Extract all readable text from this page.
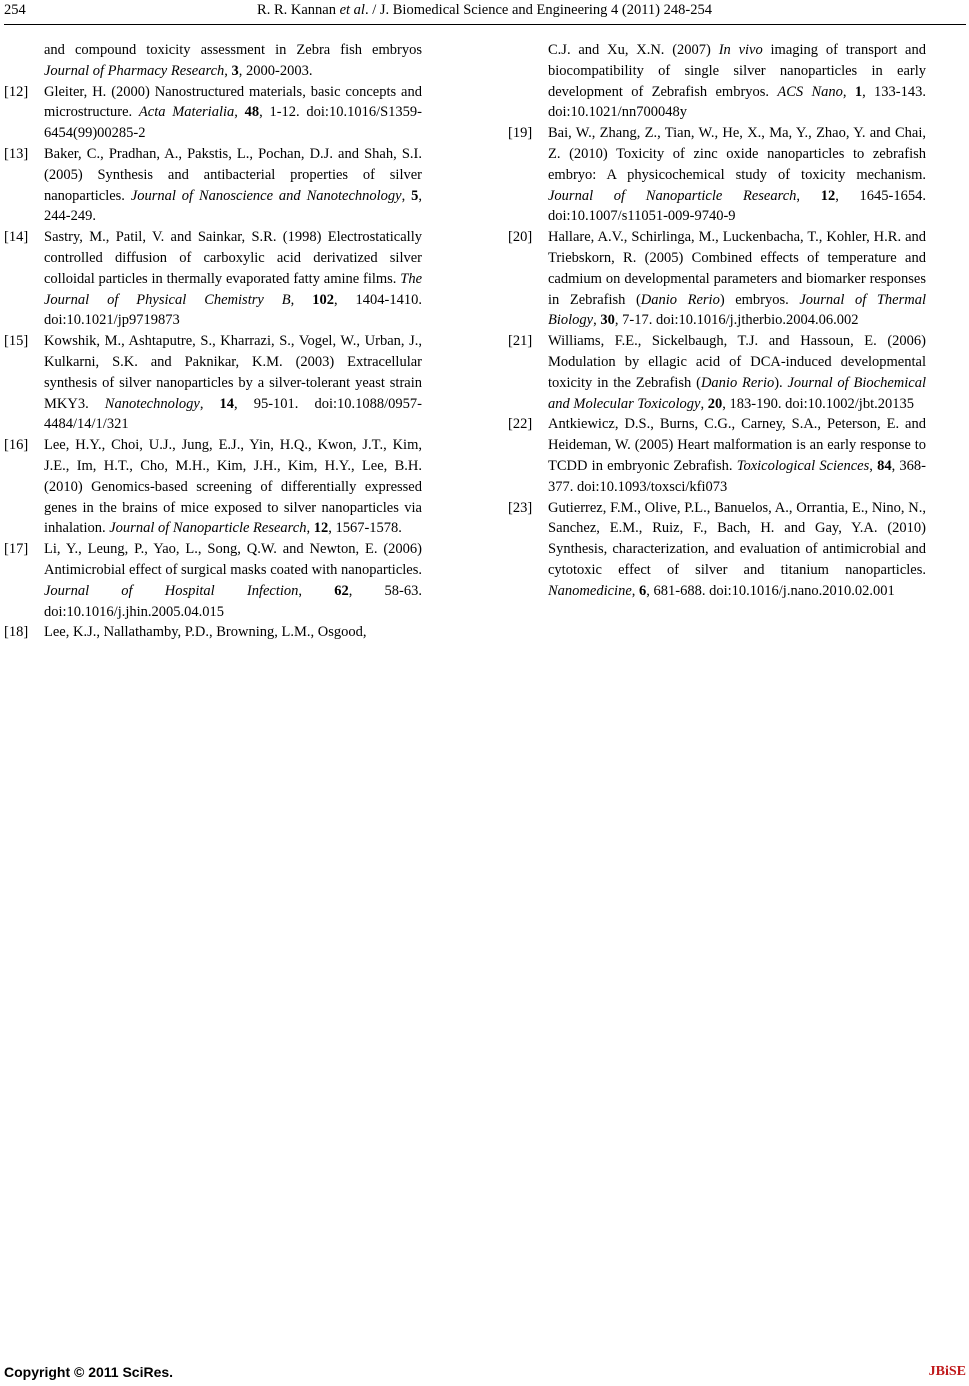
254	R. R. Kannan et al. / J. Biomedical Science and Engineering 4 (2011) 248-254
and compound toxicity assessment in Zebra fish embryos Journal of Pharmacy Research, 3, 2000-2003.
[12]	Gleiter, H. (2000) Nanostructured materials, basic concepts and microstructure. Acta Materialia, 48, 1-12. doi:10.1016/S1359-6454(99)00285-2
[13]	Baker, C., Pradhan, A., Pakstis, L., Pochan, D.J. and Shah, S.I. (2005) Synthesis and antibacterial properties of silver nanoparticles. Journal of Nanoscience and Nanotechnology, 5, 244-249.
[14]	Sastry, M., Patil, V. and Sainkar, S.R. (1998) Electrostatically controlled diffusion of carboxylic acid derivatized silver colloidal particles in thermally evaporated fatty amine films. The Journal of Physical Chemistry B, 102, 1404-1410. doi:10.1021/jp9719873
[15]	Kowshik, M., Ashtaputre, S., Kharrazi, S., Vogel, W., Urban, J., Kulkarni, S.K. and Paknikar, K.M. (2003) Extracellular synthesis of silver nanoparticles by a silver-tolerant yeast strain MKY3. Nanotechnology, 14, 95-101. doi:10.1088/0957-4484/14/1/321
[16]	Lee, H.Y., Choi, U.J., Jung, E.J., Yin, H.Q., Kwon, J.T., Kim, J.E., Im, H.T., Cho, M.H., Kim, J.H., Kim, H.Y., Lee, B.H. (2010) Genomics-based screening of differentially expressed genes in the brains of mice exposed to silver nanoparticles via inhalation. Journal of Nanoparticle Research, 12, 1567-1578.
[17]	Li, Y., Leung, P., Yao, L., Song, Q.W. and Newton, E. (2006) Antimicrobial effect of surgical masks coated with nanoparticles. Journal of Hospital Infection, 62, 58-63. doi:10.1016/j.jhin.2005.04.015
[18]	Lee, K.J., Nallathamby, P.D., Browning, L.M., Osgood,
C.J. and Xu, X.N. (2007) In vivo imaging of transport and biocompatibility of single silver nanoparticles in early development of Zebrafish embryos. ACS Nano, 1, 133-143. doi:10.1021/nn700048y
[19]	Bai, W., Zhang, Z., Tian, W., He, X., Ma, Y., Zhao, Y. and Chai, Z. (2010) Toxicity of zinc oxide nanoparticles to zebrafish embryo: A physicochemical study of toxicity mechanism. Journal of Nanoparticle Research, 12, 1645-1654. doi:10.1007/s11051-009-9740-9
[20]	Hallare, A.V., Schirlinga, M., Luckenbacha, T., Kohler, H.R. and Triebskorn, R. (2005) Combined effects of temperature and cadmium on developmental parameters and biomarker responses in Zebrafish (Danio Rerio) embryos. Journal of Thermal Biology, 30, 7-17. doi:10.1016/j.jtherbio.2004.06.002
[21]	Williams, F.E., Sickelbaugh, T.J. and Hassoun, E. (2006) Modulation by ellagic acid of DCA-induced developmental toxicity in the Zebrafish (Danio Rerio). Journal of Biochemical and Molecular Toxicology, 20, 183-190. doi:10.1002/jbt.20135
[22]	Antkiewicz, D.S., Burns, C.G., Carney, S.A., Peterson, E. and Heideman, W. (2005) Heart malformation is an early response to TCDD in embryonic Zebrafish. Toxicological Sciences, 84, 368-377. doi:10.1093/toxsci/kfi073
[23]	Gutierrez, F.M., Olive, P.L., Banuelos, A., Orrantia, E., Nino, N., Sanchez, E.M., Ruiz, F., Bach, H. and Gay, Y.A. (2010) Synthesis, characterization, and evaluation of antimicrobial and cytotoxic effect of silver and titanium nanoparticles. Nanomedicine, 6, 681-688. doi:10.1016/j.nano.2010.02.001
Copyright © 2011 SciRes.	JBiSE
